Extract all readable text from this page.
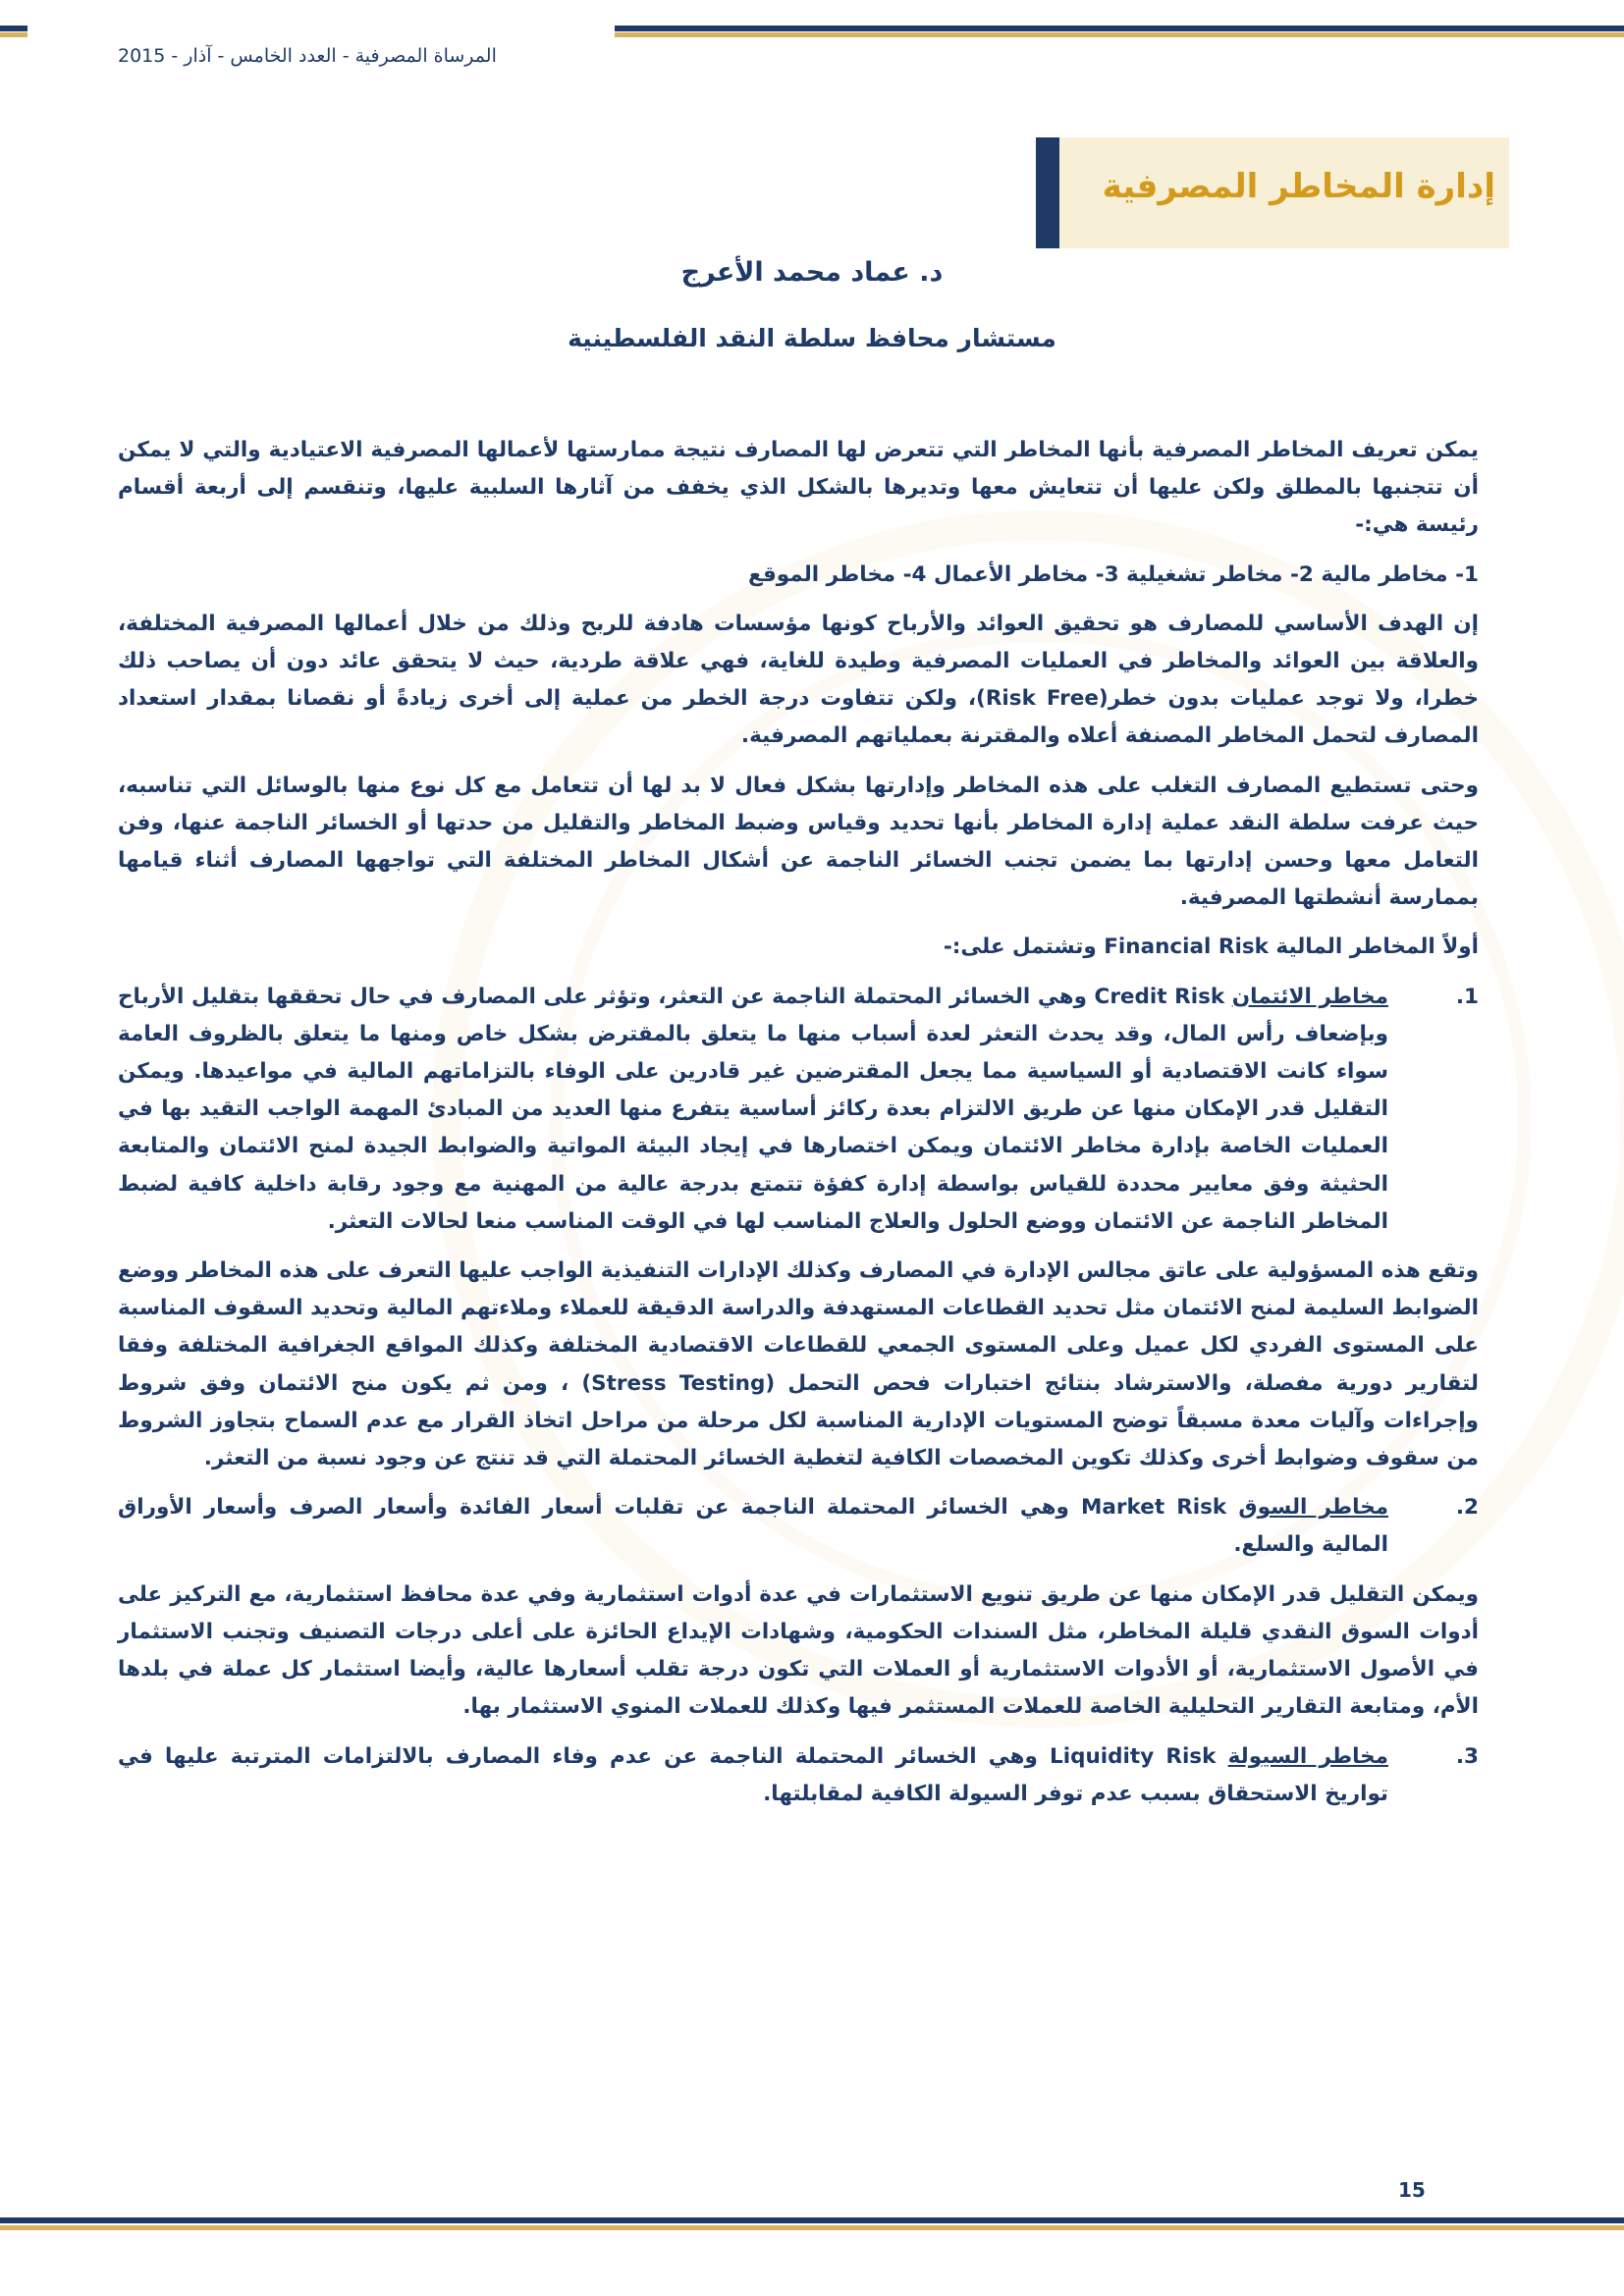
المرساة المصرفية - العدد الخامس - آذار - 2015
إدارة المخاطر المصرفية
د. عماد محمد الأعرج
مستشار محافظ سلطة النقد الفلسطينية

يمكن تعريف المخاطر المصرفية بأنها المخاطر التي تتعرض لها المصارف نتيجة ممارستها لأعمالها المصرفية الاعتيادية والتي لا يمكن أن تتجنبها بالمطلق ولكن عليها أن تتعايش معها وتديرها بالشكل الذي يخفف من آثارها السلبية عليها، وتنقسم إلى أربعة أقسام رئيسة هي:-

1- مخاطر مالية 2- مخاطر تشغيلية 3- مخاطر الأعمال 4- مخاطر الموقع

إن الهدف الأساسي للمصارف هو تحقيق العوائد والأرباح كونها مؤسسات هادفة للربح وذلك من خلال أعمالها المصرفية المختلفة، والعلاقة بين العوائد والمخاطر في العمليات المصرفية وطيدة للغاية، فهي علاقة طردية، حيث لا يتحقق عائد دون أن يصاحب ذلك خطرا، ولا توجد عمليات بدون خطر(Risk Free)، ولكن تتفاوت درجة الخطر من عملية إلى أخرى زيادةً أو نقصانا بمقدار استعداد المصارف لتحمل المخاطر المصنفة أعلاه والمقترنة بعملياتهم المصرفية.

وحتى تستطيع المصارف التغلب على هذه المخاطر وإدارتها بشكل فعال لا بد لها أن تتعامل مع كل نوع منها بالوسائل التي تناسبه، حيث عرفت سلطة النقد عملية إدارة المخاطر بأنها تحديد وقياس وضبط المخاطر والتقليل من حدتها أو الخسائر الناجمة عنها، وفن التعامل معها وحسن إدارتها بما يضمن تجنب الخسائر الناجمة عن أشكال المخاطر المختلفة التي تواجهها المصارف أثناء قيامها بممارسة أنشطتها المصرفية.

أولاً المخاطر المالية Financial Risk وتشتمل على:-

1.
مخاطر الائتمان Credit Risk وهي الخسائر المحتملة الناجمة عن التعثر، وتؤثر على المصارف في حال تحققها بتقليل الأرباح وبإضعاف رأس المال، وقد يحدث التعثر لعدة أسباب منها ما يتعلق بالمقترض بشكل خاص ومنها ما يتعلق بالظروف العامة سواء كانت الاقتصادية أو السياسية مما يجعل المقترضين غير قادرين على الوفاء بالتزاماتهم المالية في مواعيدها. ويمكن التقليل قدر الإمكان منها عن طريق الالتزام بعدة ركائز أساسية يتفرع منها العديد من المبادئ المهمة الواجب التقيد بها في العمليات الخاصة بإدارة مخاطر الائتمان ويمكن اختصارها في إيجاد البيئة المواتية والضوابط الجيدة لمنح الائتمان والمتابعة الحثيثة وفق معايير محددة للقياس بواسطة إدارة كفؤة تتمتع بدرجة عالية من المهنية مع وجود رقابة داخلية كافية لضبط المخاطر الناجمة عن الائتمان ووضع الحلول والعلاج المناسب لها في الوقت المناسب منعا لحالات التعثر.

وتقع هذه المسؤولية على عاتق مجالس الإدارة في المصارف وكذلك الإدارات التنفيذية الواجب عليها التعرف على هذه المخاطر ووضع الضوابط السليمة لمنح الائتمان مثل تحديد القطاعات المستهدفة والدراسة الدقيقة للعملاء وملاءتهم المالية وتحديد السقوف المناسبة على المستوى الفردي لكل عميل وعلى المستوى الجمعي للقطاعات الاقتصادية المختلفة وكذلك المواقع الجغرافية المختلفة وفقا لتقارير دورية مفصلة، والاسترشاد بنتائج اختبارات فحص التحمل (Stress Testing) ، ومن ثم يكون منح الائتمان وفق شروط وإجراءات وآليات معدة مسبقاً توضح المستويات الإدارية المناسبة لكل مرحلة من مراحل اتخاذ القرار مع عدم السماح بتجاوز الشروط من سقوف وضوابط أخرى وكذلك تكوين المخصصات الكافية لتغطية الخسائر المحتملة التي قد تنتج عن وجود نسبة من التعثر.

2.
مخاطر السوق Market Risk وهي الخسائر المحتملة الناجمة عن تقلبات أسعار الفائدة وأسعار الصرف وأسعار الأوراق المالية والسلع.

ويمكن التقليل قدر الإمكان منها عن طريق تنويع الاستثمارات في عدة أدوات استثمارية وفي عدة محافظ استثمارية، مع التركيز على أدوات السوق النقدي قليلة المخاطر، مثل السندات الحكومية، وشهادات الإيداع الحائزة على أعلى درجات التصنيف وتجنب الاستثمار في الأصول الاستثمارية، أو الأدوات الاستثمارية أو العملات التي تكون درجة تقلب أسعارها عالية، وأيضا استثمار كل عملة في بلدها الأم، ومتابعة التقارير التحليلية الخاصة للعملات المستثمر فيها وكذلك للعملات المنوي الاستثمار بها.

3.
مخاطر السيولة Liquidity Risk وهي الخسائر المحتملة الناجمة عن عدم وفاء المصارف بالالتزامات المترتبة عليها في تواريخ الاستحقاق بسبب عدم توفر السيولة الكافية لمقابلتها.
15
